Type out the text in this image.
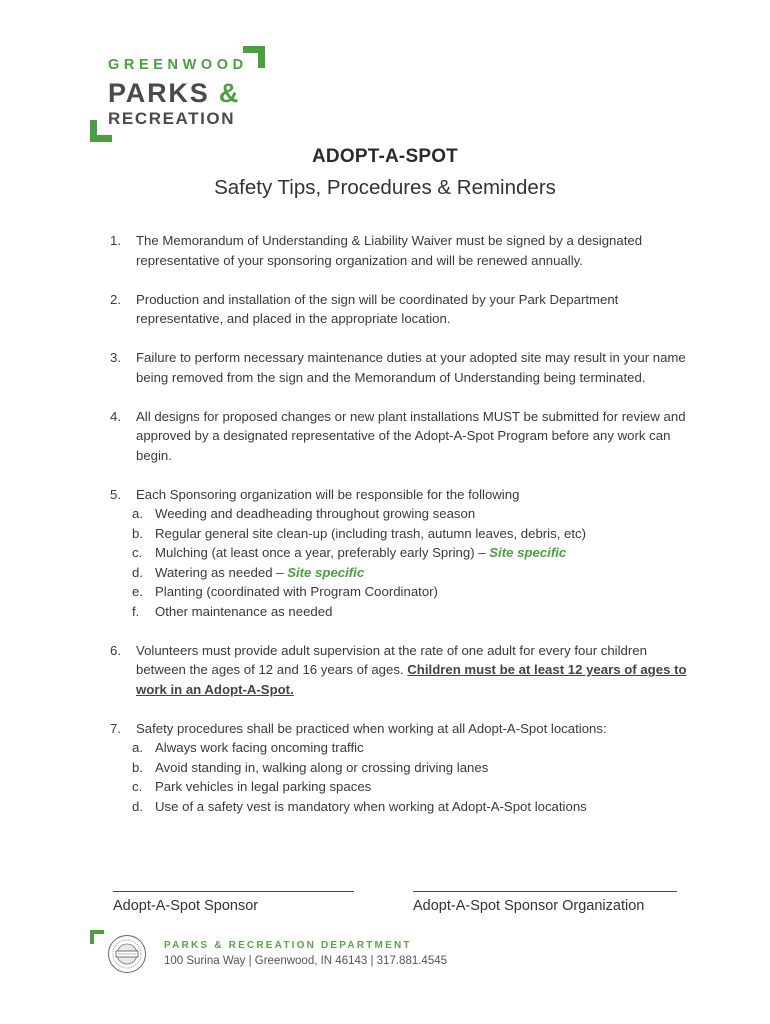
GREENWOOD
PARKS &
RECREATION
ADOPT-A-SPOT
Safety Tips, Procedures & Reminders
1. The Memorandum of Understanding & Liability Waiver must be signed by a designated representative of your sponsoring organization and will be renewed annually.
2. Production and installation of the sign will be coordinated by your Park Department representative, and placed in the appropriate location.
3. Failure to perform necessary maintenance duties at your adopted site may result in your name being removed from the sign and the Memorandum of Understanding being terminated.
4. All designs for proposed changes or new plant installations MUST be submitted for review and approved by a designated representative of the Adopt-A-Spot Program before any work can begin.
5. Each Sponsoring organization will be responsible for the following
a. Weeding and deadheading throughout growing season
b. Regular general site clean-up (including trash, autumn leaves, debris, etc)
c. Mulching (at least once a year, preferably early Spring) – Site specific
d. Watering as needed – Site specific
e. Planting (coordinated with Program Coordinator)
f. Other maintenance as needed
6. Volunteers must provide adult supervision at the rate of one adult for every four children between the ages of 12 and 16 years of ages. Children must be at least 12 years of ages to work in an Adopt-A-Spot.
7. Safety procedures shall be practiced when working at all Adopt-A-Spot locations:
a. Always work facing oncoming traffic
b. Avoid standing in, walking along or crossing driving lanes
c. Park vehicles in legal parking spaces
d. Use of a safety vest is mandatory when working at Adopt-A-Spot locations
Adopt-A-Spot Sponsor	Adopt-A-Spot Sponsor Organization
PARKS & RECREATION DEPARTMENT
100 Surina Way | Greenwood, IN 46143 | 317.881.4545
